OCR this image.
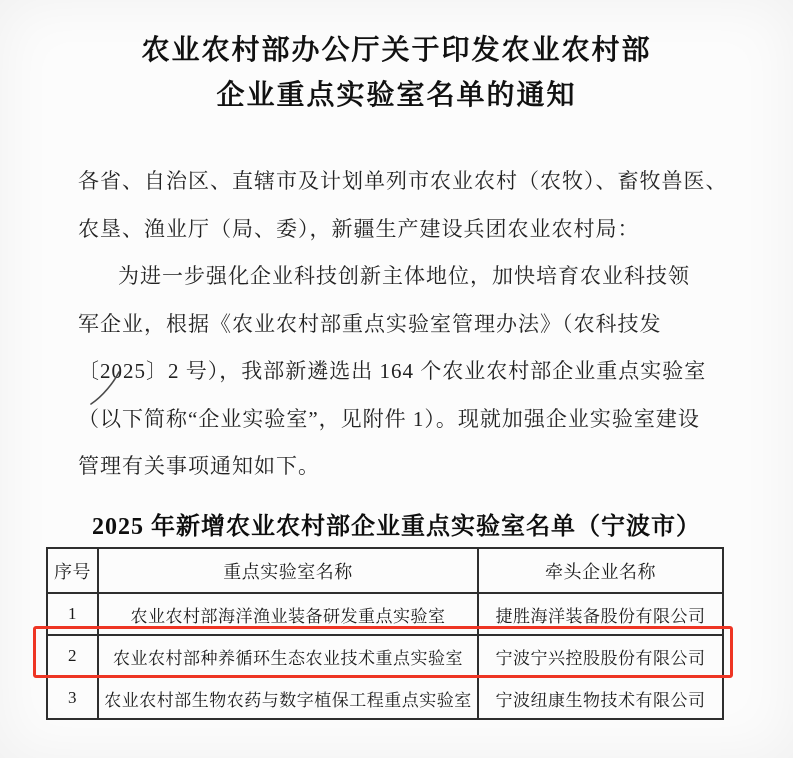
农业农村部办公厅关于印发农业农村部
企业重点实验室名单的通知
各省、自治区、直辖市及计划单列市农业农村（农牧）、畜牧兽医、
农垦、渔业厅（局、委），新疆生产建设兵团农业农村局：
为进一步强化企业科技创新主体地位，加快培育农业科技领
军企业，根据《农业农村部重点实验室管理办法》（农科技发
〔2025〕2 号），我部新遴选出 164 个农业农村部企业重点实验室
（以下简称“企业实验室”，见附件 1）。现就加强企业实验室建设
管理有关事项通知如下。
2025 年新增农业农村部企业重点实验室名单（宁波市）
序号	重点实验室名称	牵头企业名称
1	农业农村部海洋渔业装备研发重点实验室	捷胜海洋装备股份有限公司
2	农业农村部种养循环生态农业技术重点实验室	宁波宁兴控股股份有限公司
3	农业农村部生物农药与数字植保工程重点实验室	宁波纽康生物技术有限公司
